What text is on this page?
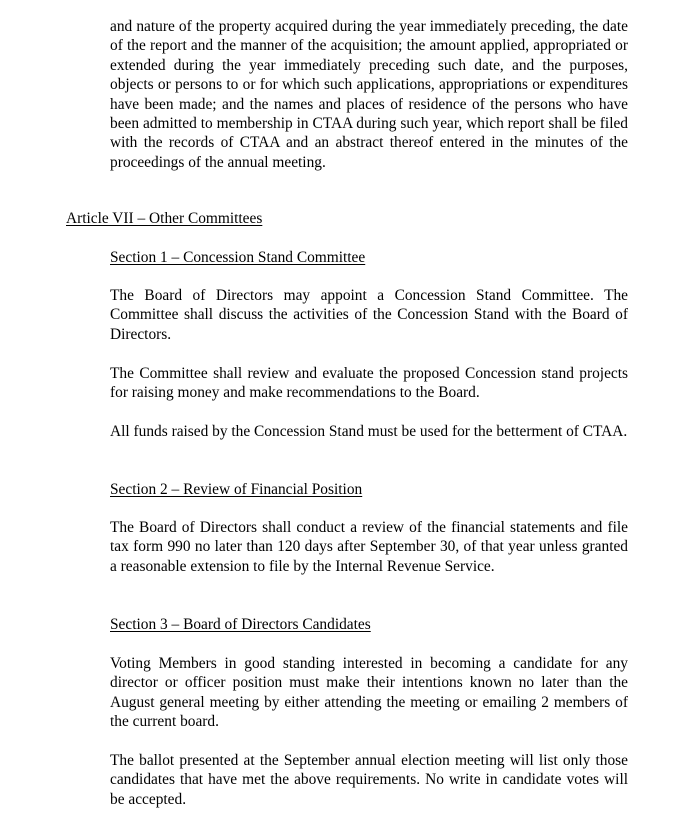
and nature of the property acquired during the year immediately preceding, the date of the report and the manner of the acquisition; the amount applied, appropriated or extended during the year immediately preceding such date, and the purposes, objects or persons to or for which such applications, appropriations or expenditures have been made; and the names and places of residence of the persons who have been admitted to membership in CTAA during such year, which report shall be filed with the records of CTAA and an abstract thereof entered in the minutes of the proceedings of the annual meeting.

Article VII – Other Committees

Section 1 – Concession Stand Committee

The Board of Directors may appoint a Concession Stand Committee. The Committee shall discuss the activities of the Concession Stand with the Board of Directors.

The Committee shall review and evaluate the proposed Concession stand projects for raising money and make recommendations to the Board.

All funds raised by the Concession Stand must be used for the betterment of CTAA.

Section 2 – Review of Financial Position

The Board of Directors shall conduct a review of the financial statements and file tax form 990 no later than 120 days after September 30, of that year unless granted a reasonable extension to file by the Internal Revenue Service.

Section 3 – Board of Directors Candidates

Voting Members in good standing interested in becoming a candidate for any director or officer position must make their intentions known no later than the August general meeting by either attending the meeting or emailing 2 members of the current board.

The ballot presented at the September annual election meeting will list only those candidates that have met the above requirements. No write in candidate votes will be accepted.
